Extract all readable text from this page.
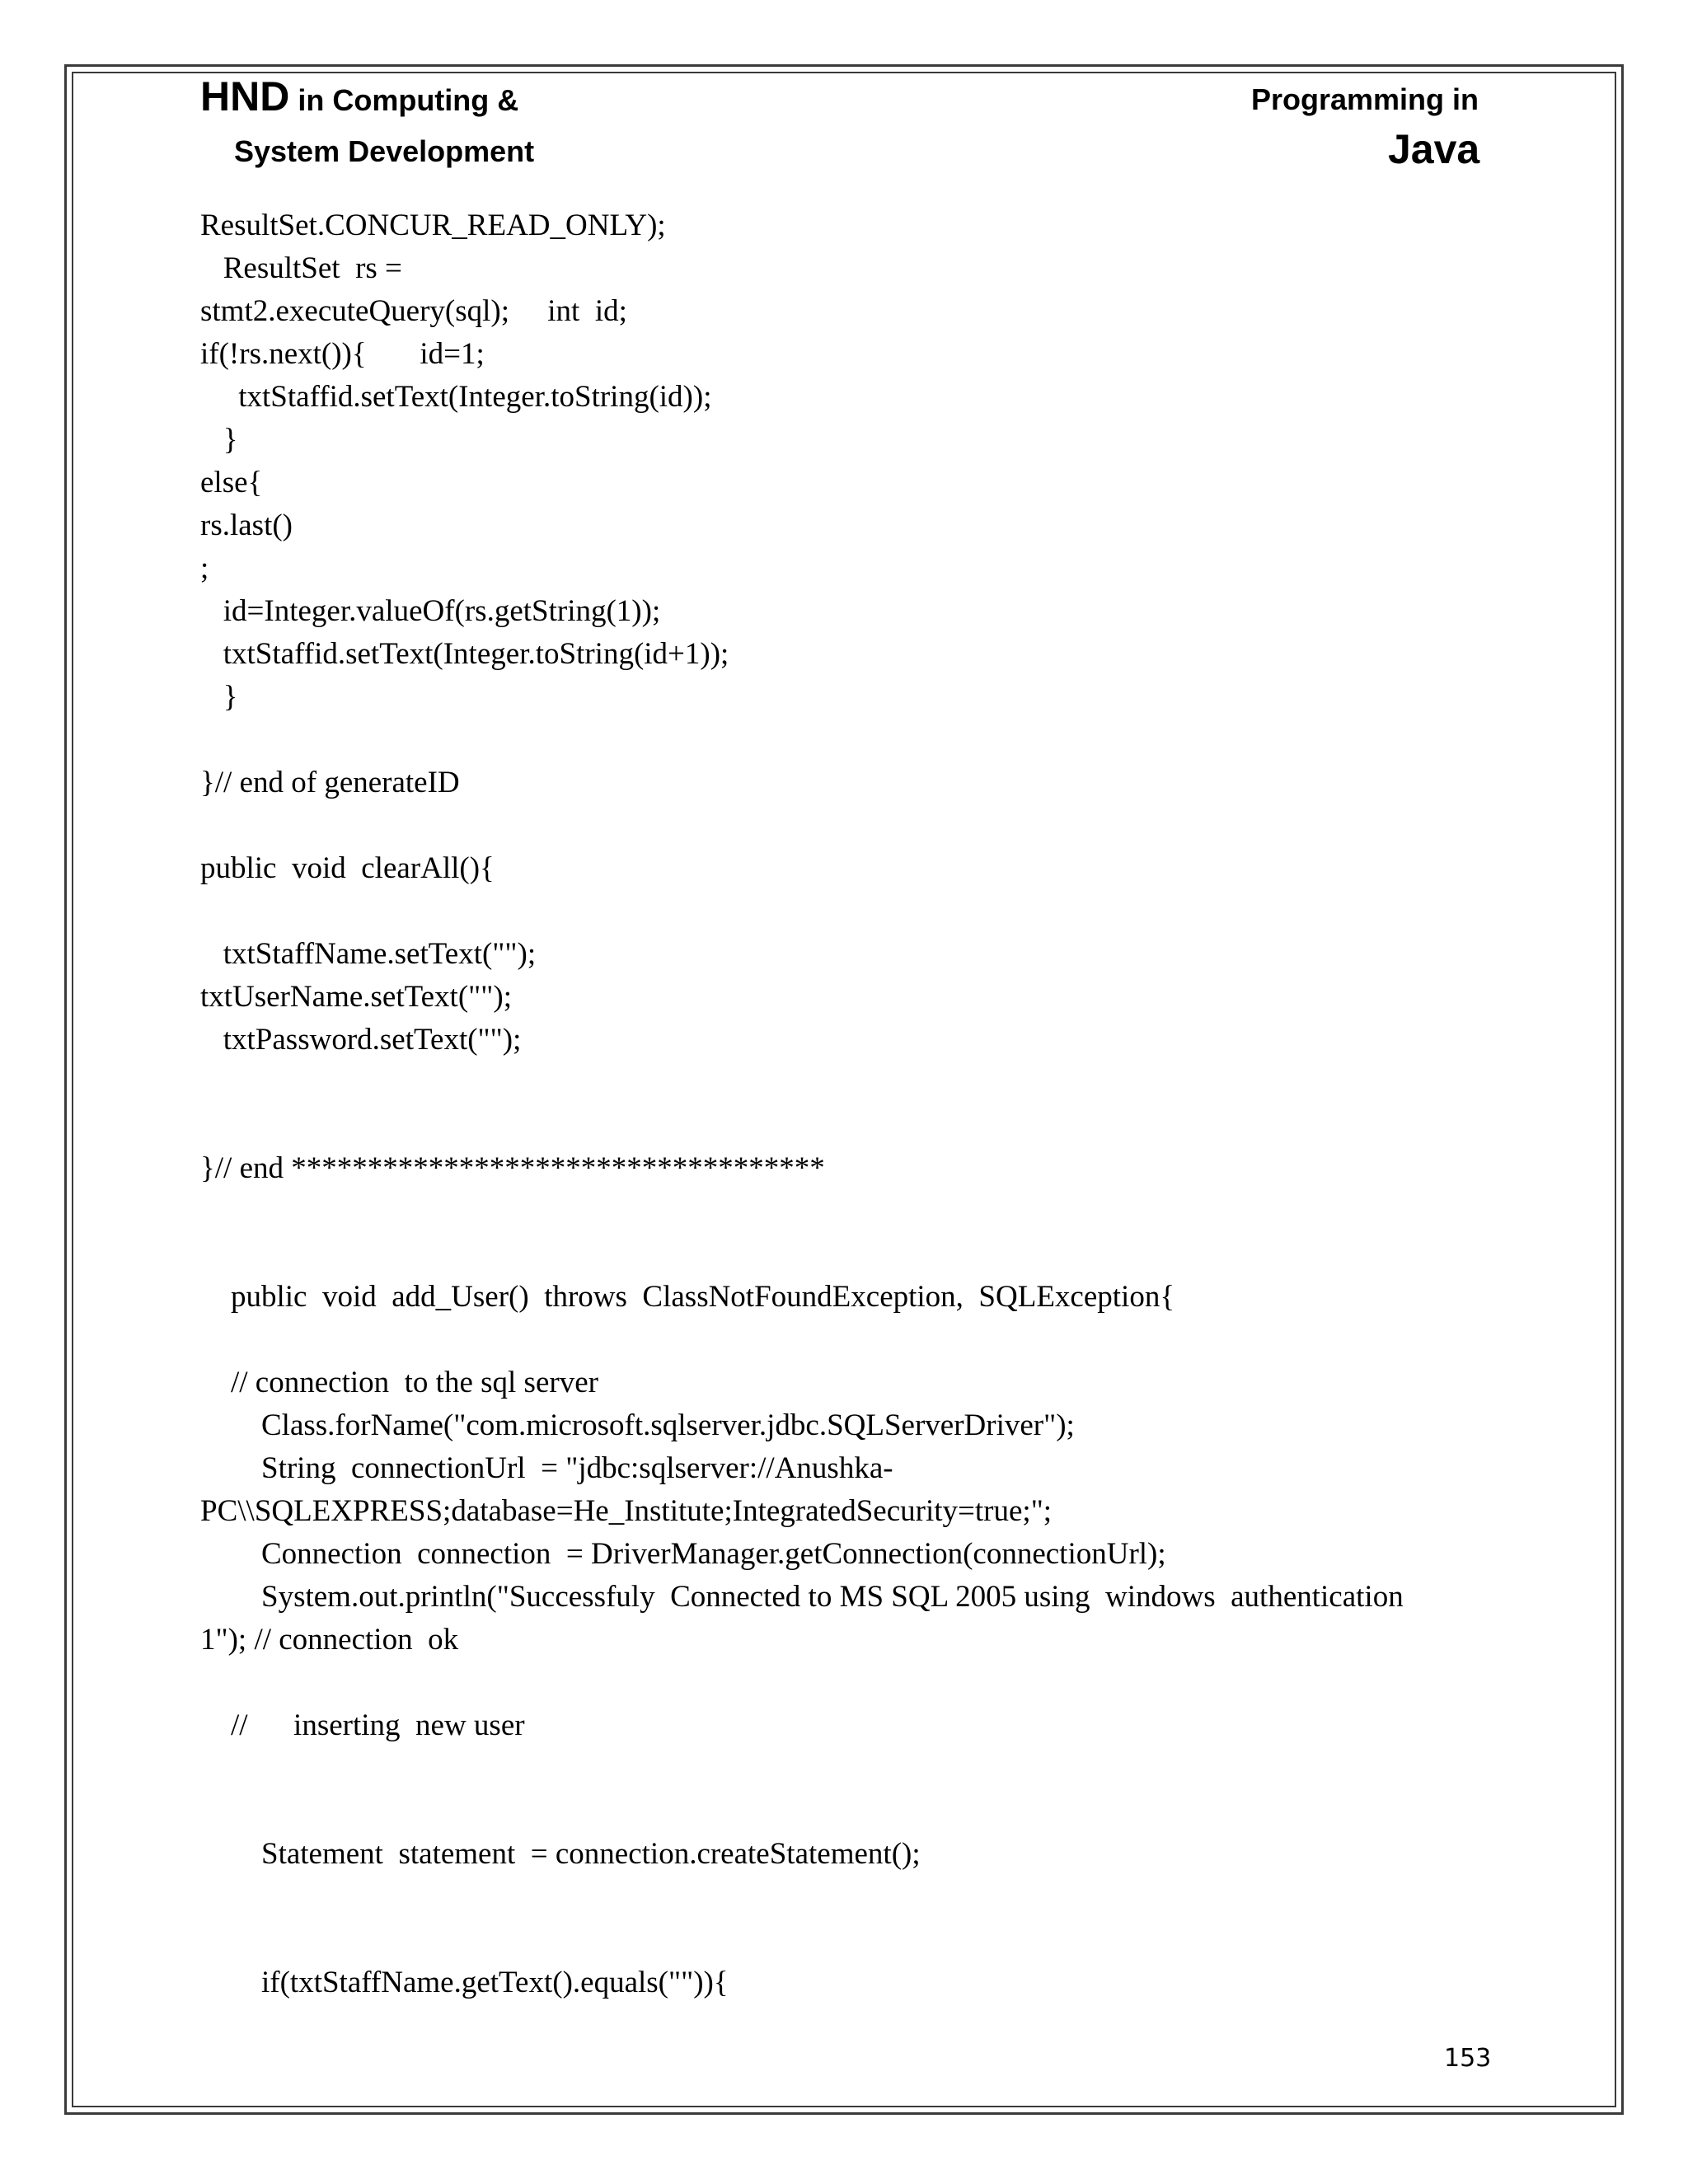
HND in Computing &
System Development
Programming in
Java
ResultSet.CONCUR_READ_ONLY);
ResultSet  rs =
stmt2.executeQuery(sql);     int  id;
if(!rs.next()){       id=1;
txtStaffid.setText(Integer.toString(id));
}
else{
rs.last()
;
id=Integer.valueOf(rs.getString(1));
txtStaffid.setText(Integer.toString(id+1));
}
}// end of generateID
public  void  clearAll(){
txtStaffName.setText("");
txtUserName.setText("");
txtPassword.setText("");
}// end ***********************************
public  void  add_User()  throws  ClassNotFoundException,  SQLException{
// connection  to the sql server
Class.forName("com.microsoft.sqlserver.jdbc.SQLServerDriver");
String  connectionUrl  = "jdbc:sqlserver://Anushka-
PC\\SQLEXPRESS;database=He_Institute;IntegratedSecurity=true;";
Connection  connection  = DriverManager.getConnection(connectionUrl);
System.out.println("Successfuly  Connected to MS SQL 2005 using  windows  authentication
1"); // connection  ok
//      inserting  new user
Statement  statement  = connection.createStatement();
if(txtStaffName.getText().equals("")){
153
